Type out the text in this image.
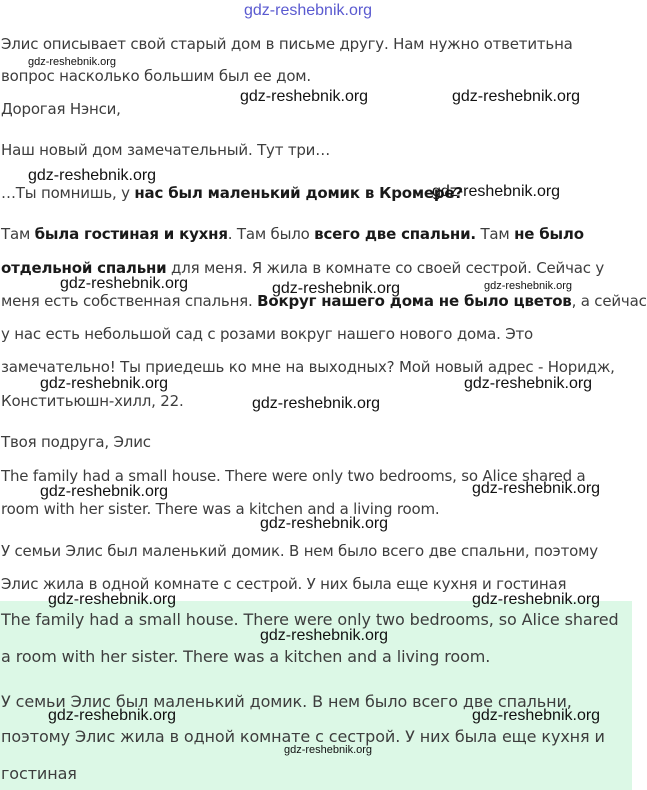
gdz-reshebnik.org
Элис описывает свой старый дом в письме другу. Нам нужно ответитьна
вопрос насколько большим был ее дом.
Дорогая Нэнси,
Наш новый дом замечательный. Тут три…
…Ты помнишь, у нас был маленький домик в Кромере?
Там была гостиная и кухня. Там было всего две спальни. Там не было
отдельной спальни для меня. Я жила в комнате со своей сестрой. Сейчас у
меня есть собственная спальня. Вокруг нашего дома не было цветов, а сейчас
у нас есть небольшой сад с розами вокруг нашего нового дома. Это
замечательно! Ты приедешь ко мне на выходных? Мой новый адрес - Норидж,
Конститьюшн-хилл, 22.
Твоя подруга, Элис
The family had a small house. There were only two bedrooms, so Alice shared a
room with her sister. There was a kitchen and a living room.
У семьи Элис был маленький домик. В нем было всего две спальни, поэтому
Элис жила в одной комнате с сестрой. У них была еще кухня и гостиная
The family had a small house. There were only two bedrooms, so Alice shared
a room with her sister. There was a kitchen and a living room.
У семьи Элис был маленький домик. В нем было всего две спальни,
поэтому Элис жила в одной комнате с сестрой. У них была еще кухня и
гостиная
gdz-reshebnik.org
gdz-reshebnik.org	gdz-reshebnik.org
gdz-reshebnik.org
gdz-reshebnik.org
gdz-reshebnik.org	gdz-reshebnik.org	gdz-reshebnik.org
gdz-reshebnik.org	gdz-reshebnik.org
gdz-reshebnik.org
gdz-reshebnik.org	gdz-reshebnik.org
gdz-reshebnik.org
gdz-reshebnik.org	gdz-reshebnik.org
gdz-reshebnik.org
gdz-reshebnik.org	gdz-reshebnik.org
gdz-reshebnik.org
